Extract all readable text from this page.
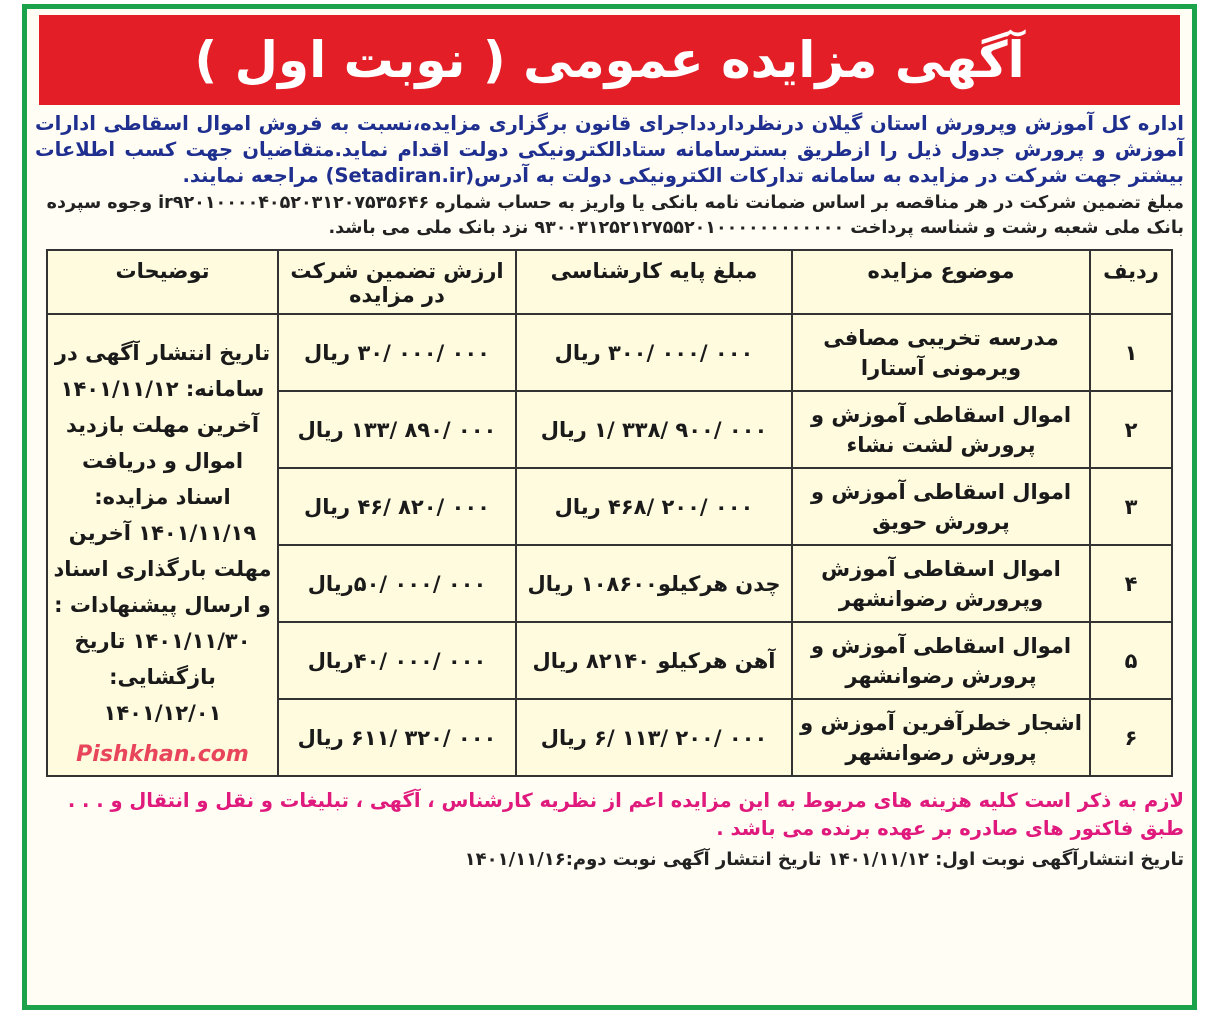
آگهی مزایده عمومی ( نوبت اول )
اداره کل آموزش وپرورش استان گیلان درنظرداردداجرای قانون برگزاری مزایده،نسبت به فروش اموال اسقاطی ادارات آموزش و پرورش جدول ذیل را ازطریق بسترسامانه ستادالکترونیکی دولت اقدام نماید.متقاضیان جهت کسب اطلاعات بیشتر جهت شرکت در مزایده به سامانه تدارکات الکترونیکی دولت به آدرس(Setadiran.ir) مراجعه نمایند.
مبلغ تضمین شرکت در هر مناقصه بر اساس ضمانت نامه بانکی یا واریز به حساب شماره ir۹۲۰۱۰۰۰۰۴۰۵۲۰۳۱۲۰۷۵۳۵۶۴۶ وجوه سپرده بانک ملی شعبه رشت و شناسه پرداخت ۹۳۰۰۳۱۲۵۲۱۲۷۵۵۲۰۱۰۰۰۰۰۰۰۰۰۰۰۰ نزد بانک ملی می باشد.
ردیف	موضوع مزایده	مبلغ پایه کارشناسی	ارزش تضمین شرکت در مزایده	توضیحات
۱	مدرسه تخریبی مصافی ویرمونی آستارا	۰۰۰ /۰۰۰ /۳۰۰ ریال	۰۰۰ /۰۰۰ /۳۰ ریال	تاریخ انتشار آگهی در سامانه: ۱۴۰۱/۱۱/۱۲ آخرین مهلت بازدید اموال و دریافت اسناد مزایده: ۱۴۰۱/۱۱/۱۹ آخرین مهلت بارگذاری اسناد و ارسال پیشنهادات : ۱۴۰۱/۱۱/۳۰ تاریخ بازگشایی: ۱۴۰۱/۱۲/۰۱
Pishkhan.com

۲	اموال اسقاطی آموزش و پرورش لشت نشاء	۰۰۰ /۹۰۰ /۳۳۸ /۱ ریال	۰۰۰ /۸۹۰ /۱۳۳ ریال	
۳	اموال اسقاطی آموزش و پرورش حویق	۰۰۰ /۲۰۰ /۴۶۸ ریال	۰۰۰ /۸۲۰ /۴۶ ریال	
۴	اموال اسقاطی آموزش وپرورش رضوانشهر	چدن هرکیلو۱۰۸۶۰۰ ریال	۰۰۰ /۰۰۰ /۵۰ریال	
۵	اموال اسقاطی آموزش و پرورش رضوانشهر	آهن هرکیلو ۸۲۱۴۰ ریال	۰۰۰ /۰۰۰ /۴۰ریال	
۶	اشجار خطرآفرین آموزش و پرورش رضوانشهر	۰۰۰ /۲۰۰ /۱۱۳ /۶ ریال	۰۰۰ /۳۲۰ /۶۱۱ ریال	
لازم به ذکر است کلیه هزینه های مربوط به این مزایده اعم از نظریه کارشناس ، آگهی ، تبلیغات و نقل و انتقال و . . . طبق فاکتور های صادره بر عهده برنده می باشد .
تاریخ انتشارآگهی نوبت اول: ۱۴۰۱/۱۱/۱۲ تاریخ انتشار آگهی نوبت دوم:۱۴۰۱/۱۱/۱۶
